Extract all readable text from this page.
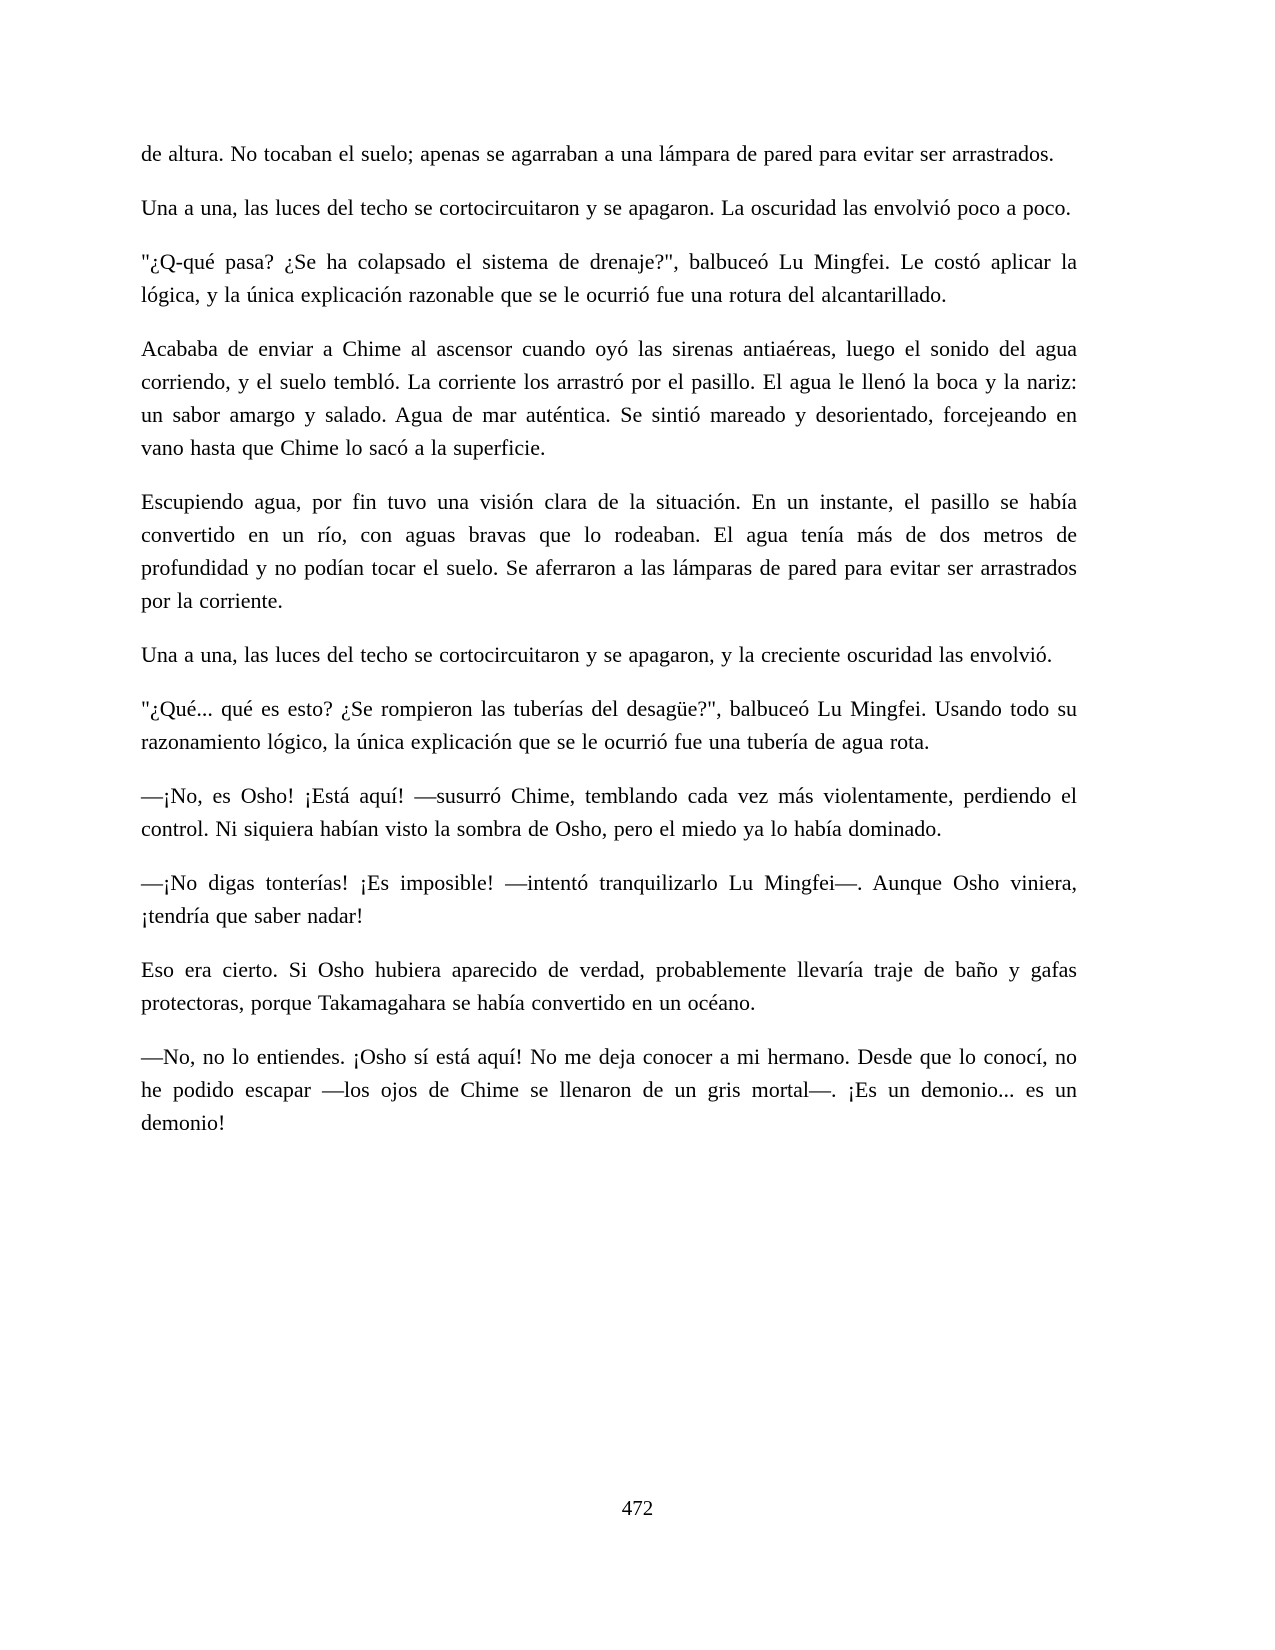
de altura. No tocaban el suelo; apenas se agarraban a una lámpara de pared para evitar ser arrastrados.

Una a una, las luces del techo se cortocircuitaron y se apagaron. La oscuridad las envolvió poco a poco.

"¿Q-qué pasa? ¿Se ha colapsado el sistema de drenaje?", balbuceó Lu Mingfei. Le costó aplicar la lógica, y la única explicación razonable que se le ocurrió fue una rotura del alcantarillado.

Acababa de enviar a Chime al ascensor cuando oyó las sirenas antiaéreas, luego el sonido del agua corriendo, y el suelo tembló. La corriente los arrastró por el pasillo. El agua le llenó la boca y la nariz: un sabor amargo y salado. Agua de mar auténtica. Se sintió mareado y desorientado, forcejeando en vano hasta que Chime lo sacó a la superficie.

Escupiendo agua, por fin tuvo una visión clara de la situación. En un instante, el pasillo se había convertido en un río, con aguas bravas que lo rodeaban. El agua tenía más de dos metros de profundidad y no podían tocar el suelo. Se aferraron a las lámparas de pared para evitar ser arrastrados por la corriente.

Una a una, las luces del techo se cortocircuitaron y se apagaron, y la creciente oscuridad las envolvió.

"¿Qué... qué es esto? ¿Se rompieron las tuberías del desagüe?", balbuceó Lu Mingfei. Usando todo su razonamiento lógico, la única explicación que se le ocurrió fue una tubería de agua rota.

—¡No, es Osho! ¡Está aquí! —susurró Chime, temblando cada vez más violentamente, perdiendo el control. Ni siquiera habían visto la sombra de Osho, pero el miedo ya lo había dominado.

—¡No digas tonterías! ¡Es imposible! —intentó tranquilizarlo Lu Mingfei—. Aunque Osho viniera, ¡tendría que saber nadar!

Eso era cierto. Si Osho hubiera aparecido de verdad, probablemente llevaría traje de baño y gafas protectoras, porque Takamagahara se había convertido en un océano.

—No, no lo entiendes. ¡Osho sí está aquí! No me deja conocer a mi hermano. Desde que lo conocí, no he podido escapar —los ojos de Chime se llenaron de un gris mortal—. ¡Es un demonio... es un demonio!

472
